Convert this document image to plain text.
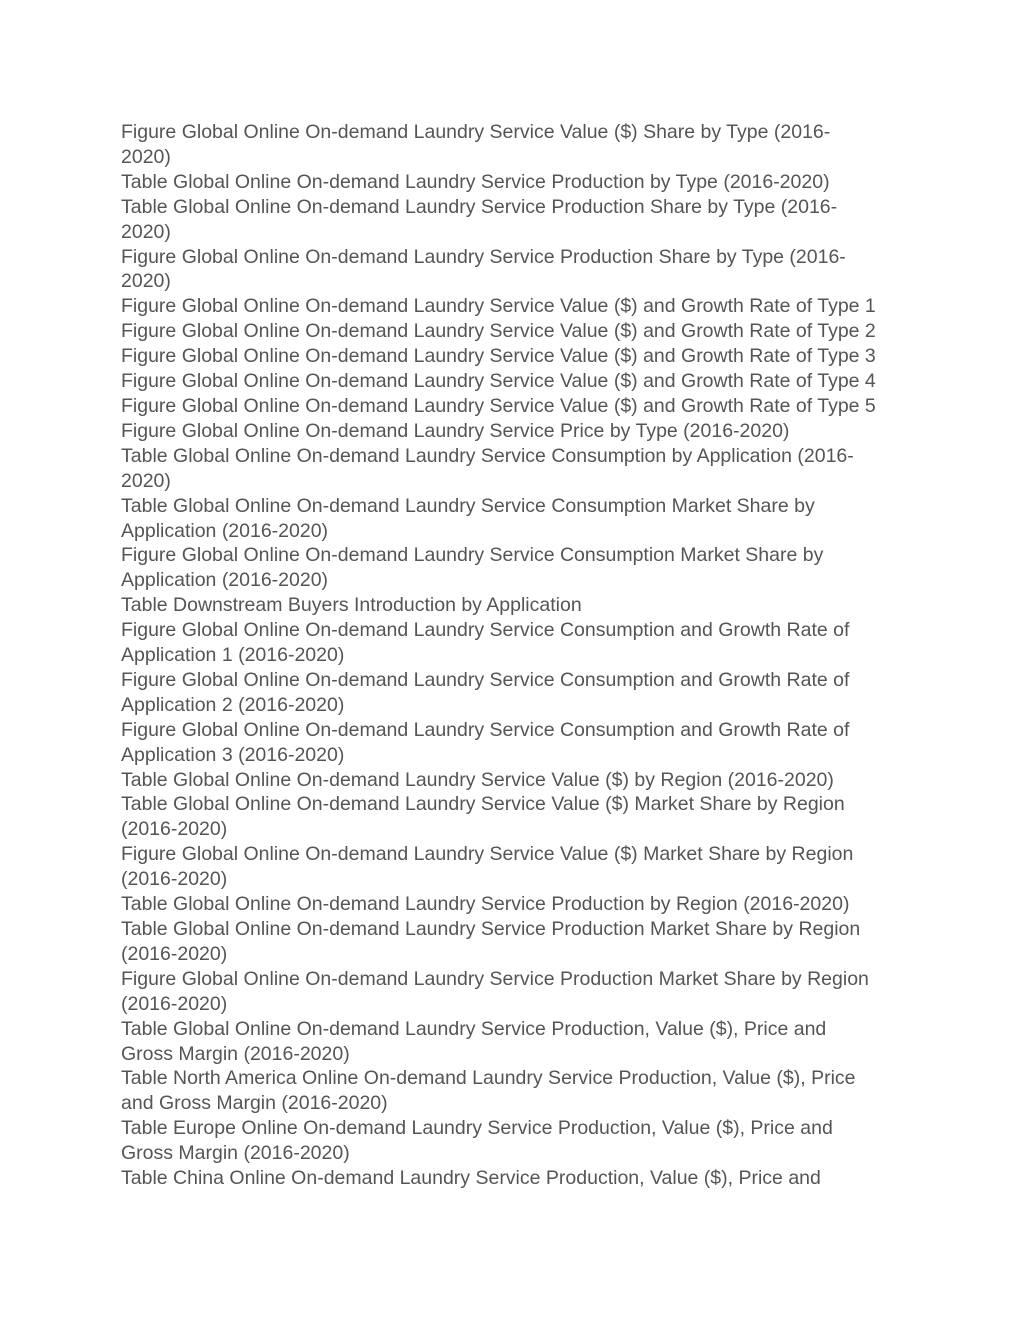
Figure Global Online On-demand Laundry Service Value ($) Share by Type (2016-
2020)
Table Global Online On-demand Laundry Service Production by Type (2016-2020)
Table Global Online On-demand Laundry Service Production Share by Type (2016-
2020)
Figure Global Online On-demand Laundry Service Production Share by Type (2016-
2020)
Figure Global Online On-demand Laundry Service Value ($) and Growth Rate of Type 1
Figure Global Online On-demand Laundry Service Value ($) and Growth Rate of Type 2
Figure Global Online On-demand Laundry Service Value ($) and Growth Rate of Type 3
Figure Global Online On-demand Laundry Service Value ($) and Growth Rate of Type 4
Figure Global Online On-demand Laundry Service Value ($) and Growth Rate of Type 5
Figure Global Online On-demand Laundry Service Price by Type (2016-2020)
Table Global Online On-demand Laundry Service Consumption by Application (2016-
2020)
Table Global Online On-demand Laundry Service Consumption Market Share by
Application (2016-2020)
Figure Global Online On-demand Laundry Service Consumption Market Share by
Application (2016-2020)
Table Downstream Buyers Introduction by Application
Figure Global Online On-demand Laundry Service Consumption and Growth Rate of
Application 1 (2016-2020)
Figure Global Online On-demand Laundry Service Consumption and Growth Rate of
Application 2 (2016-2020)
Figure Global Online On-demand Laundry Service Consumption and Growth Rate of
Application 3 (2016-2020)
Table Global Online On-demand Laundry Service Value ($) by Region (2016-2020)
Table Global Online On-demand Laundry Service Value ($) Market Share by Region
(2016-2020)
Figure Global Online On-demand Laundry Service Value ($) Market Share by Region
(2016-2020)
Table Global Online On-demand Laundry Service Production by Region (2016-2020)
Table Global Online On-demand Laundry Service Production Market Share by Region
(2016-2020)
Figure Global Online On-demand Laundry Service Production Market Share by Region
(2016-2020)
Table Global Online On-demand Laundry Service Production, Value ($), Price and
Gross Margin (2016-2020)
Table North America Online On-demand Laundry Service Production, Value ($), Price
and Gross Margin (2016-2020)
Table Europe Online On-demand Laundry Service Production, Value ($), Price and
Gross Margin (2016-2020)
Table China Online On-demand Laundry Service Production, Value ($), Price and
